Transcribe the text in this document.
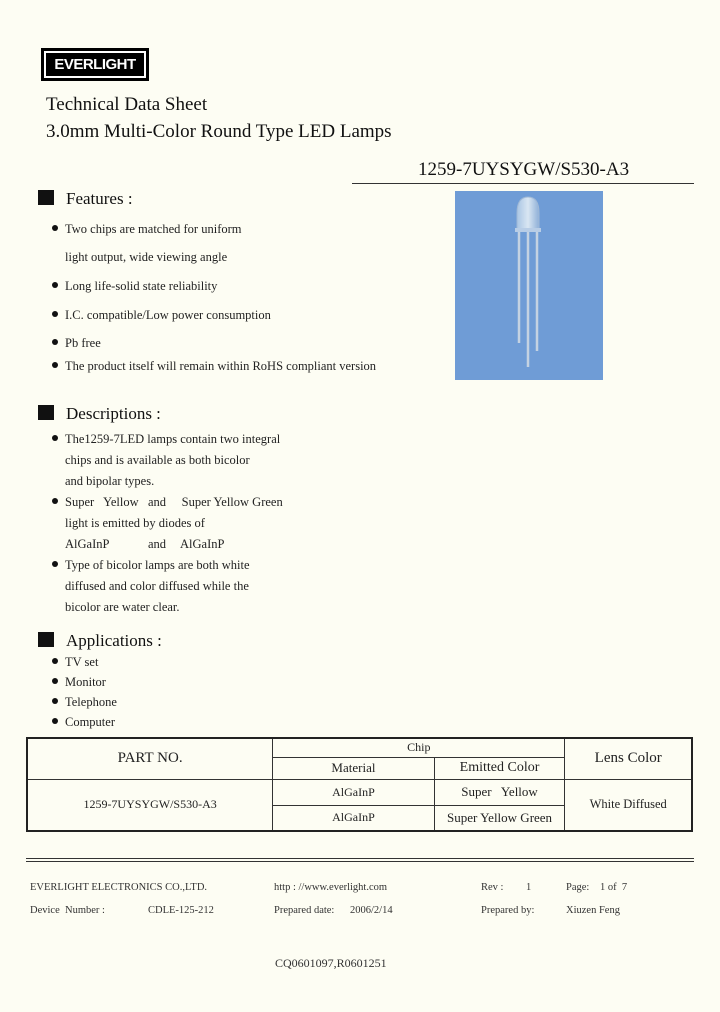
EVERLIGHT
Technical Data Sheet
3.0mm Multi-Color Round Type LED Lamps
1259-7UYSYGW/S530-A3
Features :
Two chips are matched for uniform
light output, wide viewing angle
Long life-solid state reliability
I.C. compatible/Low power consumption
Pb free
The product itself will remain within RoHS compliant version
Descriptions :
The1259-7LED lamps contain two integral
chips and is available as both bicolor
and bipolar types.
Super   Yellow   and     Super Yellow Green
light is emitted by diodes of
AlGaInP	and AlGaInP
Type of bicolor lamps are both white
diffused and color diffused while the
bicolor are water clear.
Applications :
TV set
Monitor
Telephone
Computer
PART NO.	Chip		Lens Color
	Material	Emitted Color	
1259-7UYSYGW/S530-A3	AlGaInP	Super   Yellow	White Diffused
	AlGaInP	Super Yellow Green	
EVERLIGHT ELECTRONICS CO.,LTD.	http : //www.everlight.com	Rev : 1	Page: 1 of  7
Device  Number :	CDLE-125-212	Prepared date: 2006/2/14	Prepared by:	Xiuzen Feng
CQ0601097,R0601251
